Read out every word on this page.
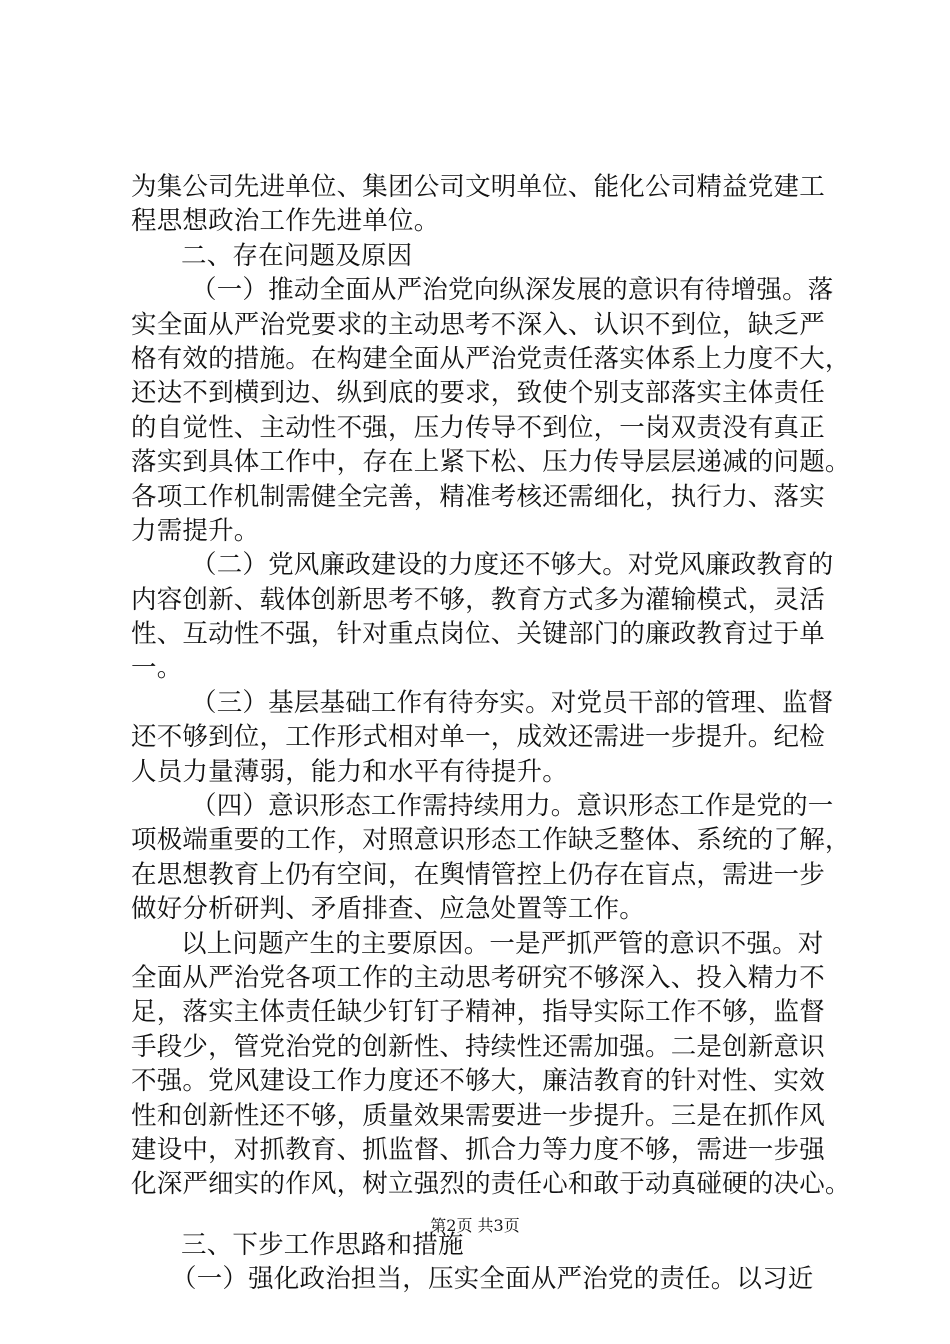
为集公司先进单位、集团公司文明单位、能化公司精益党建工
程思想政治工作先进单位。
二、存在问题及原因
（一）推动全面从严治党向纵深发展的意识有待增强。落
实全面从严治党要求的主动思考不深入、认识不到位，缺乏严
格有效的措施。在构建全面从严治党责任落实体系上力度不大，
还达不到横到边、纵到底的要求，致使个别支部落实主体责任
的自觉性、主动性不强，压力传导不到位，一岗双责没有真正
落实到具体工作中，存在上紧下松、压力传导层层递减的问题。
各项工作机制需健全完善，精准考核还需细化，执行力、落实
力需提升。
（二）党风廉政建设的力度还不够大。对党风廉政教育的
内容创新、载体创新思考不够，教育方式多为灌输模式，灵活
性、互动性不强，针对重点岗位、关键部门的廉政教育过于单
一。
（三）基层基础工作有待夯实。对党员干部的管理、监督
还不够到位，工作形式相对单一，成效还需进一步提升。纪检
人员力量薄弱，能力和水平有待提升。
（四）意识形态工作需持续用力。意识形态工作是党的一
项极端重要的工作，对照意识形态工作缺乏整体、系统的了解，
在思想教育上仍有空间，在舆情管控上仍存在盲点，需进一步
做好分析研判、矛盾排查、应急处置等工作。
以上问题产生的主要原因。一是严抓严管的意识不强。对
全面从严治党各项工作的主动思考研究不够深入、投入精力不
足，落实主体责任缺少钉钉子精神，指导实际工作不够，监督
手段少，管党治党的创新性、持续性还需加强。二是创新意识
不强。党风建设工作力度还不够大，廉洁教育的针对性、实效
性和创新性还不够，质量效果需要进一步提升。三是在抓作风
建设中，对抓教育、抓监督、抓合力等力度不够，需进一步强
化深严细实的作风，树立强烈的责任心和敢于动真碰硬的决心。
三、下步工作思路和措施
（一）强化政治担当，压实全面从严治党的责任。以习近
第2页 共3页
